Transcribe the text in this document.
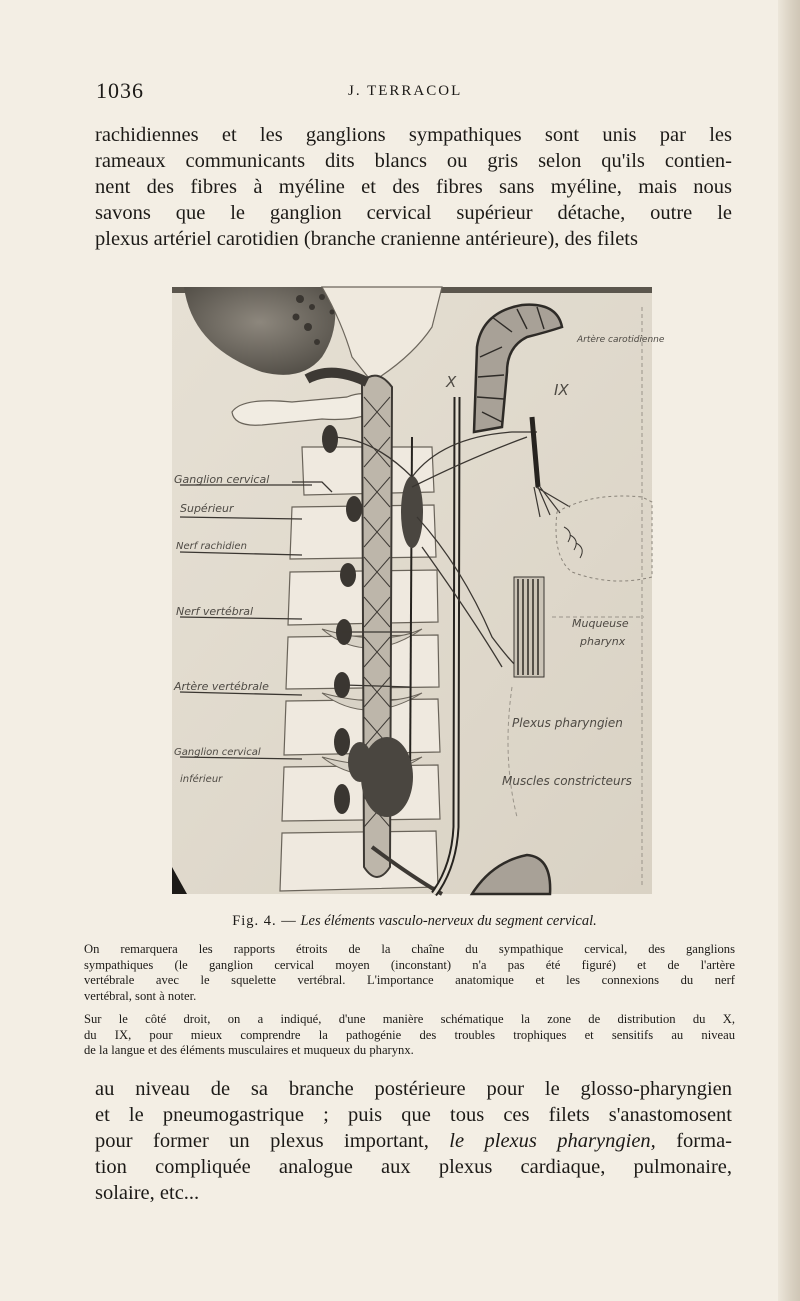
1036	J. TERRACOL

rachidiennes et les ganglions sympathiques sont unis par les
rameaux communicants dits blancs ou gris selon qu'ils contien-
nent des fibres à myéline et des fibres sans myéline, mais nous
savons que le ganglion cervical supérieur détache, outre le
plexus artériel carotidien (branche cranienne antérieure), des filets

IX
X
Artère carotidienne
Ganglion cervical
Supérieur
Nerf rachidien
Nerf vertébral
Artère vertébrale
Ganglion cervical
inférieur
Muqueuse
pharynx
Plexus pharyngien
Muscles constricteurs

Fig. 4. — Les éléments vasculo-nerveux du segment cervical.

On remarquera les rapports étroits de la chaîne du sympathique cervical, des ganglions
sympathiques (le ganglion cervical moyen (inconstant) n'a pas été figuré) et de l'artère
vertébrale avec le squelette vertébral. L'importance anatomique et les connexions du nerf
vertébral, sont à noter.

Sur le côté droit, on a indiqué, d'une manière schématique la zone de distribution du X,
du IX, pour mieux comprendre la pathogénie des troubles trophiques et sensitifs au niveau
de la langue et des éléments musculaires et muqueux du pharynx.

au niveau de sa branche postérieure pour le glosso-pharyngien
et le pneumogastrique ; puis que tous ces filets s'anastomosent
pour former un plexus important, le plexus pharyngien, forma-
tion compliquée analogue aux plexus cardiaque, pulmonaire,
solaire, etc...
